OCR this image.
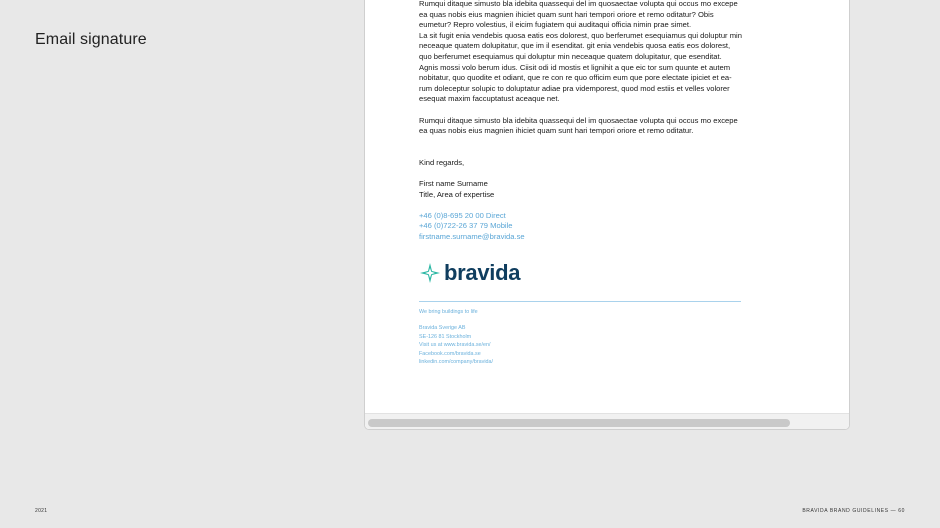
Email signature

Rumqui ditaque simusto bla idebita quassequi del im quosaectae volupta qui occus mo excepe ea quas nobis eius magnien ihiciet quam sunt hari tempori oriore et remo oditatur? Obis eumetur? Repro volestius, il eicim fugiatem qui auditaqui officia nimin prae simet.

La sit fugit enia vendebis quosa eatis eos dolorest, quo berferumet esequiamus qui doluptur min neceaque quatem dolupitatur, que im il esenditat. git enia vendebis quosa eatis eos dolorest, quo berferumet esequiamus qui doluptur min neceaque quatem dolupitatur, que esenditat.

Agnis mossi volo berum idus. Ciisit odi id mostis et lignihit a que eic tor sum quunte et autem nobitatur, quo quodite et odiant, que re con re quo officim eum que pore electate ipiciet et ea-rum doleceptur solupic to doluptatur adiae pra videmporest, quod mod estiis et velles volorer esequat maxim faccuptatust aceaque net.

Rumqui ditaque simusto bla idebita quassequi del im quosaectae volupta qui occus mo excepe ea quas nobis eius magnien ihiciet quam sunt hari tempori oriore et remo oditatur.

Kind regards,

First name Surname

Title, Area of expertise

+46 (0)8-695 20 00 Direct

+46 (0)722-26 37 79 Mobile

firstname.surname@bravida.se

bravida

We bring buildings to life

Bravida Sverige AB

SE-126 81 Stockholm

Visit us at www.bravida.se/en/

Facebook.com/bravida.se

linkedin.com/company/bravida/

2021	BRAVIDA BRAND GUIDELINES — 60
